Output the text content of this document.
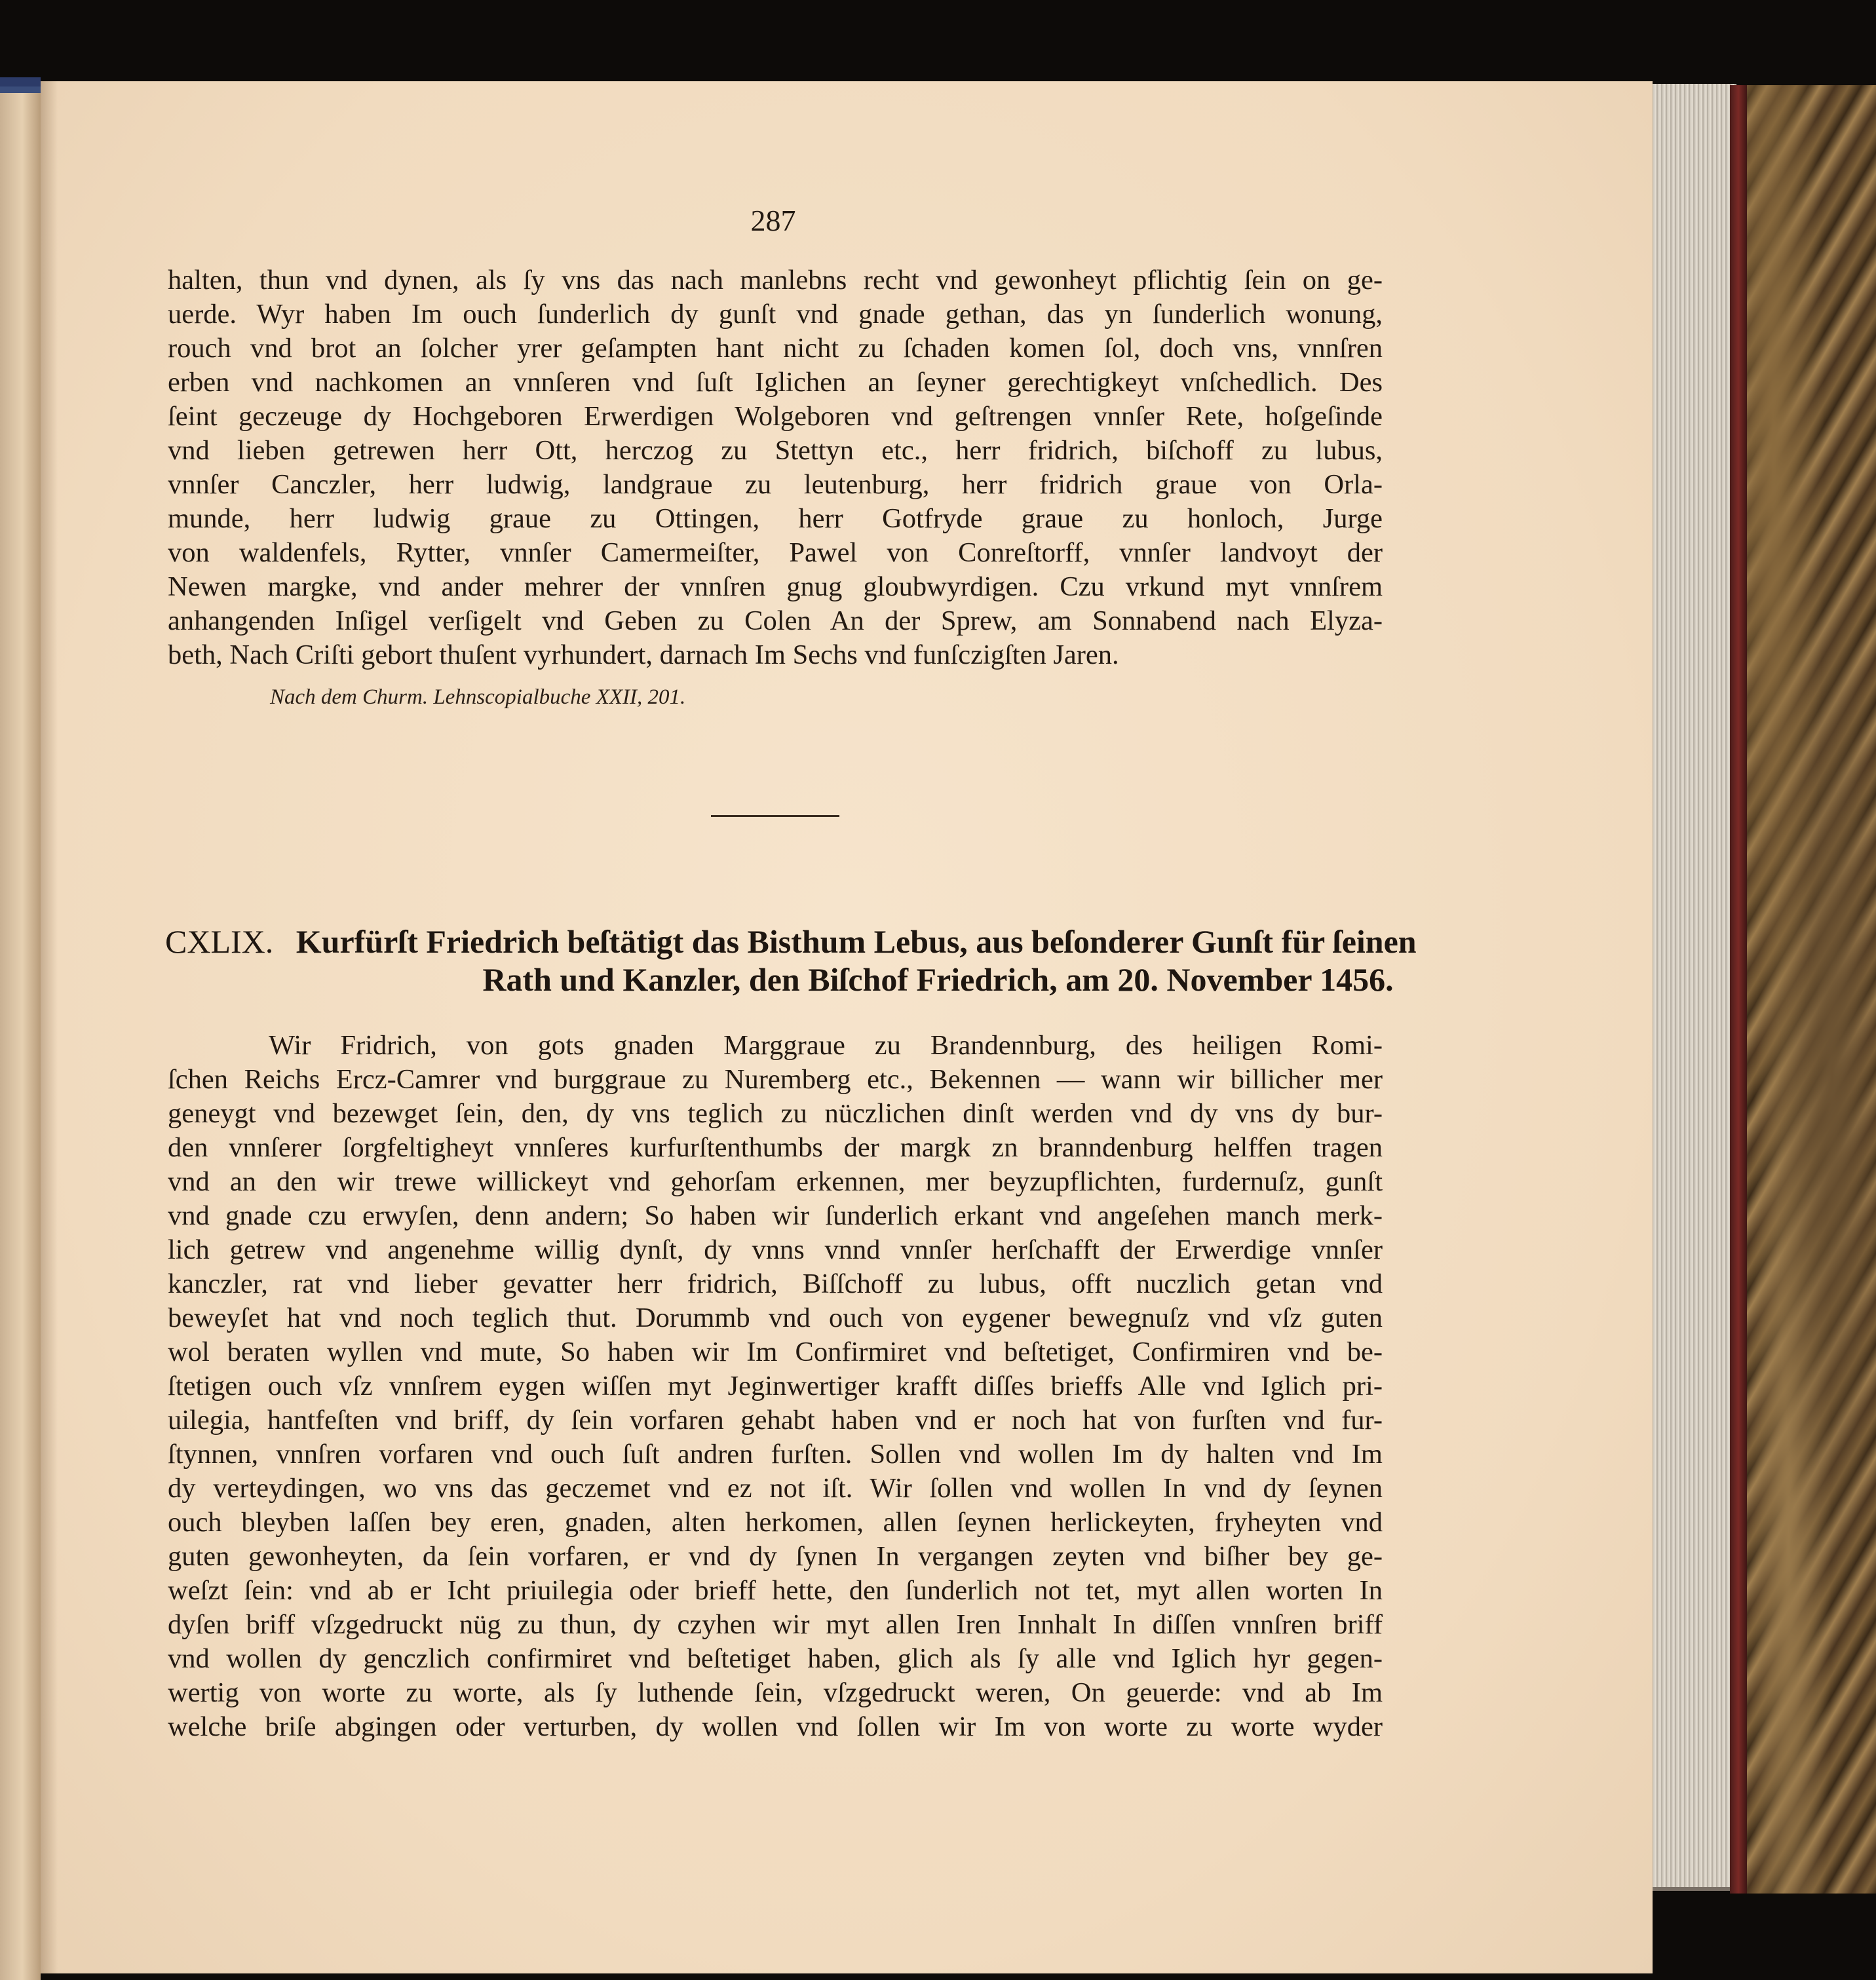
287
halten, thun vnd dynen, als ſy vns das nach manlebns recht vnd gewonheyt pflichtig ſein on ge-
uerde. Wyr haben Im ouch ſunderlich dy gunſt vnd gnade gethan, das yn ſunderlich wonung,
rouch vnd brot an ſolcher yrer geſampten hant nicht zu ſchaden komen ſol, doch vns, vnnſren
erben vnd nachkomen an vnnſeren vnd ſuſt Iglichen an ſeyner gerechtigkeyt vnſchedlich. Des
ſeint geczeuge dy Hochgeboren Erwerdigen Wolgeboren vnd geſtrengen vnnſer Rete, hoſgeſinde
vnd lieben getrewen herr Ott, herczog zu Stettyn etc., herr fridrich, biſchoff zu lubus,
vnnſer Canczler, herr ludwig, landgraue zu leutenburg, herr fridrich graue von Orla-
munde, herr ludwig graue zu Ottingen, herr Gotfryde graue zu honloch, Jurge
von waldenfels, Rytter, vnnſer Camermeiſter, Pawel von Conreſtorff, vnnſer landvoyt der
Newen margke, vnd ander mehrer der vnnſren gnug gloubwyrdigen. Czu vrkund myt vnnſrem
anhangenden Inſigel verſigelt vnd Geben zu Colen An der Sprew, am Sonnabend nach Elyza-
beth, Nach Criſti gebort thuſent vyrhundert, darnach Im Sechs vnd funſczigſten Jaren.
Nach dem Churm. Lehnscopialbuche XXII, 201.
CXLIX. Kurfürſt Friedrich beſtätigt das Bisthum Lebus, aus beſonderer Gunſt für ſeinen
Rath und Kanzler, den Biſchof Friedrich, am 20. November 1456.
Wir Fridrich, von gots gnaden Marggraue zu Brandennburg, des heiligen Romi-
ſchen Reichs Ercz-Camrer vnd burggraue zu Nuremberg etc., Bekennen — wann wir billicher mer
geneygt vnd bezewget ſein, den, dy vns teglich zu nüczlichen dinſt werden vnd dy vns dy bur-
den vnnſerer ſorgfeltigheyt vnnſeres kurfurſtenthumbs der margk zn branndenburg helffen tragen
vnd an den wir trewe willickeyt vnd gehorſam erkennen, mer beyzupflichten, furdernuſz, gunſt
vnd gnade czu erwyſen, denn andern; So haben wir ſunderlich erkant vnd angeſehen manch merk-
lich getrew vnd angenehme willig dynſt, dy vnns vnnd vnnſer herſchafft der Erwerdige vnnſer
kanczler, rat vnd lieber gevatter herr fridrich, Biſſchoff zu lubus, offt nuczlich getan vnd
beweyſet hat vnd noch teglich thut. Dorummb vnd ouch von eygener bewegnuſz vnd vſz guten
wol beraten wyllen vnd mute, So haben wir Im Confirmiret vnd beſtetiget, Confirmiren vnd be-
ſtetigen ouch vſz vnnſrem eygen wiſſen myt Jeginwertiger krafft diſſes brieffs Alle vnd Iglich pri-
uilegia, hantfeſten vnd briff, dy ſein vorfaren gehabt haben vnd er noch hat von furſten vnd fur-
ſtynnen, vnnſren vorfaren vnd ouch ſuſt andren furſten. Sollen vnd wollen Im dy halten vnd Im
dy verteydingen, wo vns das geczemet vnd ez not iſt. Wir ſollen vnd wollen In vnd dy ſeynen
ouch bleyben laſſen bey eren, gnaden, alten herkomen, allen ſeynen herlickeyten, fryheyten vnd
guten gewonheyten, da ſein vorfaren, er vnd dy ſynen In vergangen zeyten vnd biſher bey ge-
weſzt ſein: vnd ab er Icht priuilegia oder brieff hette, den ſunderlich not tet, myt allen worten In
dyſen briff vſzgedruckt nüg zu thun, dy czyhen wir myt allen Iren Innhalt In diſſen vnnſren briff
vnd wollen dy genczlich confirmiret vnd beſtetiget haben, glich als ſy alle vnd Iglich hyr gegen-
wertig von worte zu worte, als ſy luthende ſein, vſzgedruckt weren, On geuerde: vnd ab Im
welche briſe abgingen oder verturben, dy wollen vnd ſollen wir Im von worte zu worte wyder
